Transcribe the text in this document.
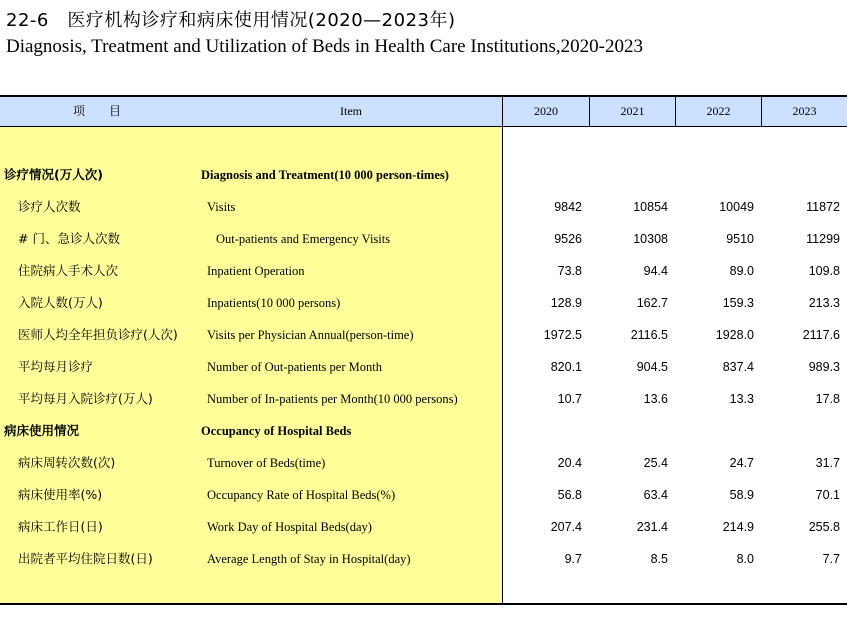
22-6　医疗机构诊疗和病床使用情况(2020—2023年)
Diagnosis, Treatment and Utilization of Beds in Health Care Institutions,2020-2023
项　目	Item	2020	2021	2022	2023
诊疗情况(万人次)	Diagnosis and Treatment(10 000 person-times)
诊疗人次数	Visits	9842	10854	10049	11872
# 门、急诊人次数	Out-patients and Emergency Visits	9526	10308	9510	11299
住院病人手术人次	Inpatient Operation	73.8	94.4	89.0	109.8
入院人数(万人)	Inpatients(10 000 persons)	128.9	162.7	159.3	213.3
医师人均全年担负诊疗(人次) Visits per Physician Annual(person-time)	1972.5	2116.5	1928.0	2117.6
平均每月诊疗	Number of Out-patients per Month	820.1	904.5	837.4	989.3
平均每月入院诊疗(万人)	Number of In-patients per Month(10 000 persons)	10.7	13.6	13.3	17.8
病床使用情况	Occupancy of Hospital Beds
病床周转次数(次)	Turnover of Beds(time)	20.4	25.4	24.7	31.7
病床使用率(%)	Occupancy Rate of Hospital Beds(%)	56.8	63.4	58.9	70.1
病床工作日(日)	Work Day of Hospital Beds(day)	207.4	231.4	214.9	255.8
出院者平均住院日数(日)	Average Length of Stay in Hospital(day)	9.7	8.5	8.0	7.7
